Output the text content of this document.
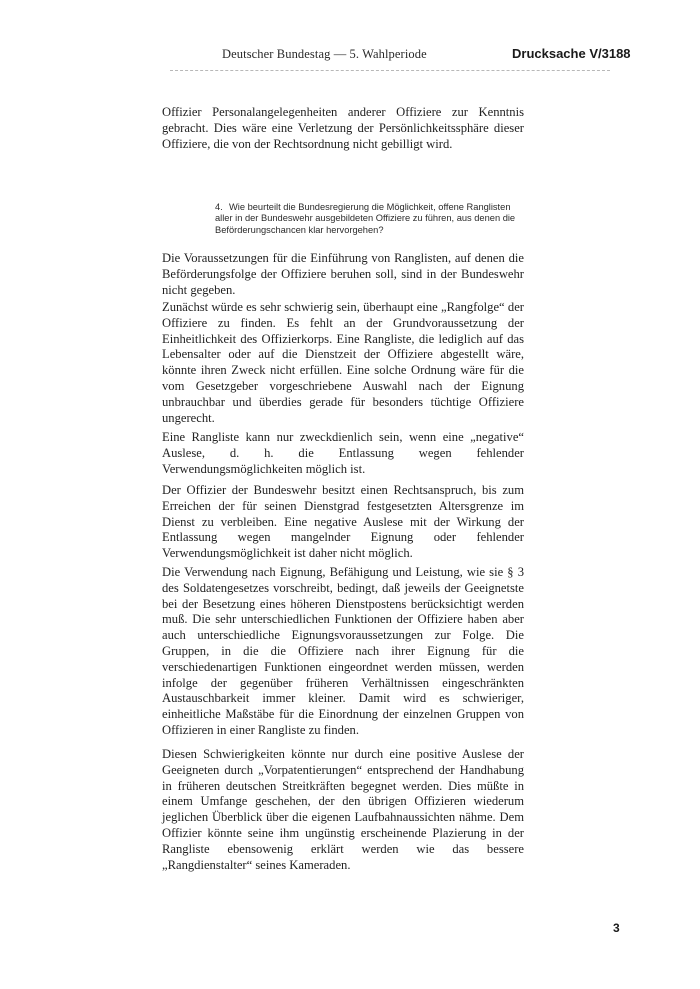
Deutscher Bundestag — 5. Wahlperiode	Drucksache V/3188

Offizier Personalangelegenheiten anderer Offiziere zur Kenntnis gebracht. Dies wäre eine Verletzung der Persönlichkeitssphäre dieser Offiziere, die von der Rechtsordnung nicht gebilligt wird.

4. Wie beurteilt die Bundesregierung die Möglichkeit, offene Ranglisten aller in der Bundeswehr ausgebildeten Offiziere zu führen, aus denen die Beförderungschancen klar hervorgehen?

Die Voraussetzungen für die Einführung von Ranglisten, auf denen die Beförderungsfolge der Offiziere beruhen soll, sind in der Bundeswehr nicht gegeben.

Zunächst würde es sehr schwierig sein, überhaupt eine „Rangfolge“ der Offiziere zu finden. Es fehlt an der Grundvoraussetzung der Einheitlichkeit des Offizierkorps. Eine Rangliste, die lediglich auf das Lebensalter oder auf die Dienstzeit der Offiziere abgestellt wäre, könnte ihren Zweck nicht erfüllen. Eine solche Ordnung wäre für die vom Gesetzgeber vorgeschriebene Auswahl nach der Eignung unbrauchbar und überdies gerade für besonders tüchtige Offiziere ungerecht.

Eine Rangliste kann nur zweckdienlich sein, wenn eine „negative“ Auslese, d. h. die Entlassung wegen fehlender Verwendungsmöglichkeiten möglich ist.

Der Offizier der Bundeswehr besitzt einen Rechtsanspruch, bis zum Erreichen der für seinen Dienstgrad festgesetzten Altersgrenze im Dienst zu verbleiben. Eine negative Auslese mit der Wirkung der Entlassung wegen mangelnder Eignung oder fehlender Verwendungsmöglichkeit ist daher nicht möglich.

Die Verwendung nach Eignung, Befähigung und Leistung, wie sie § 3 des Soldatengesetzes vorschreibt, bedingt, daß jeweils der Geeignetste bei der Besetzung eines höheren Dienstpostens berücksichtigt werden muß. Die sehr unterschiedlichen Funktionen der Offiziere haben aber auch unterschiedliche Eignungsvoraussetzungen zur Folge. Die Gruppen, in die die Offiziere nach ihrer Eignung für die verschiedenartigen Funktionen eingeordnet werden müssen, werden infolge der gegenüber früheren Verhältnissen eingeschränkten Austauschbarkeit immer kleiner. Damit wird es schwieriger, einheitliche Maßstäbe für die Einordnung der einzelnen Gruppen von Offizieren in einer Rangliste zu finden.

Diesen Schwierigkeiten könnte nur durch eine positive Auslese der Geeigneten durch „Vorpatentierungen“ entsprechend der Handhabung in früheren deutschen Streitkräften begegnet werden. Dies müßte in einem Umfange geschehen, der den übrigen Offizieren wiederum jeglichen Überblick über die eigenen Laufbahnaussichten nähme. Dem Offizier könnte seine ihm ungünstig erscheinende Plazierung in der Rangliste ebensowenig erklärt werden wie das bessere „Rangdienstalter“ seines Kameraden.

3
